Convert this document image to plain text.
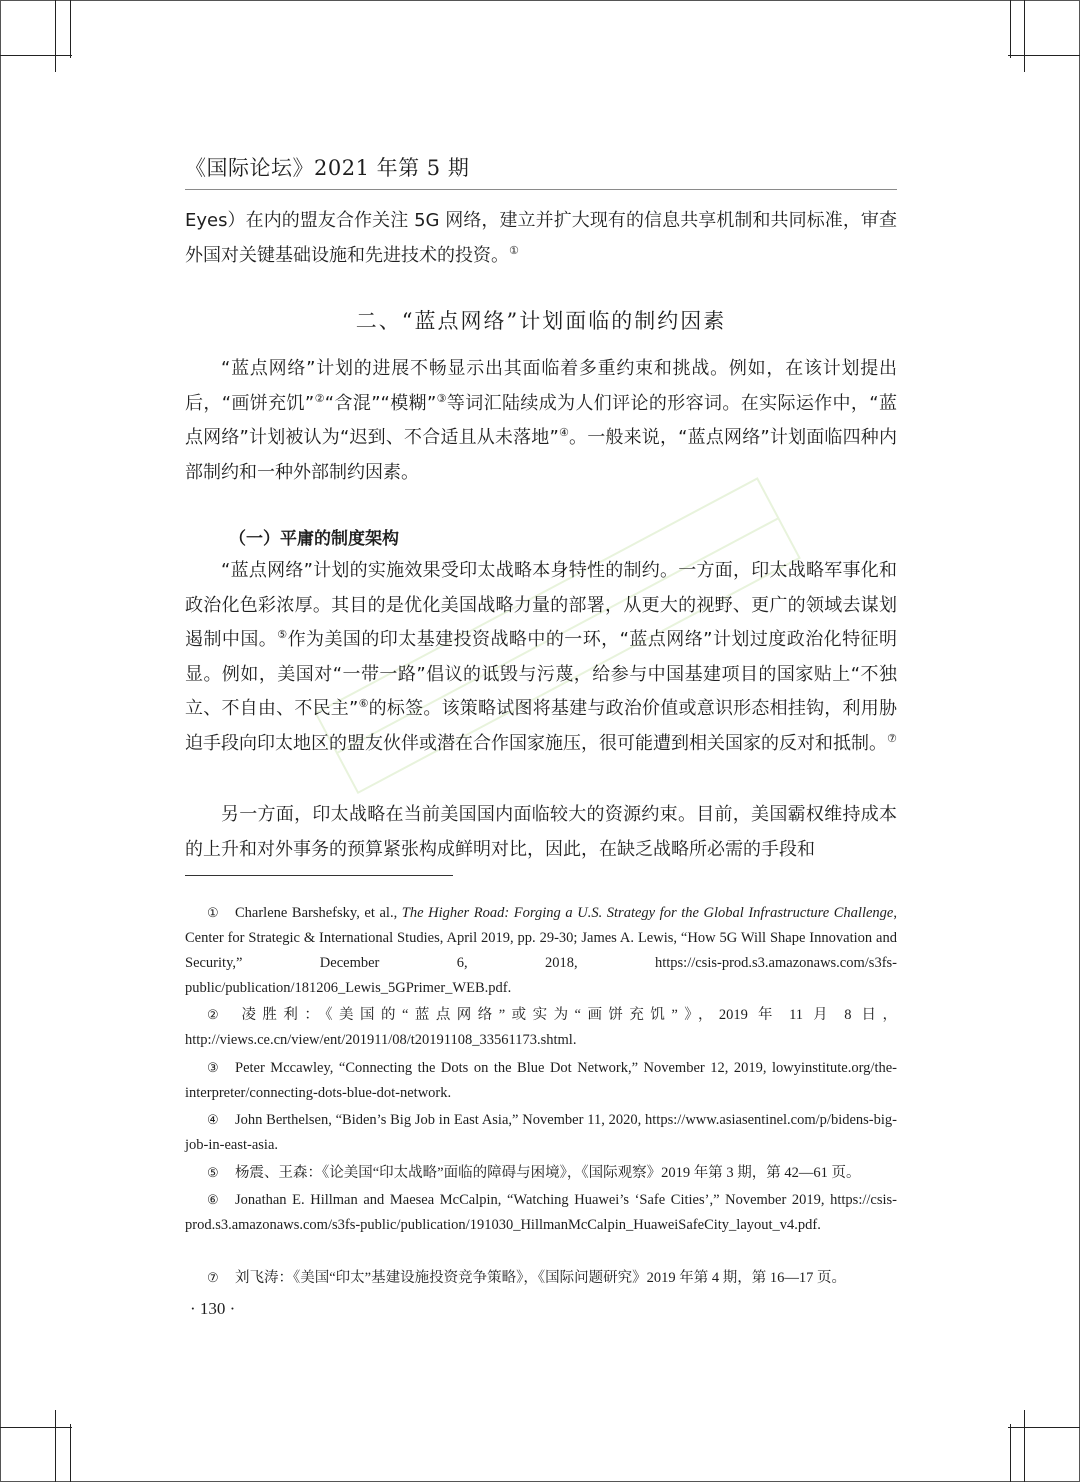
《国际论坛》2021 年第 5 期

Eyes）在内的盟友合作关注 5G 网络，建立并扩大现有的信息共享机制和共同标准，审查外国对关键基础设施和先进技术的投资。①

二、“蓝点网络”计划面临的制约因素

“蓝点网络”计划的进展不畅显示出其面临着多重约束和挑战。例如，在该计划提出后，“画饼充饥”②“含混”“模糊”③等词汇陆续成为人们评论的形容词。在实际运作中，“蓝点网络”计划被认为“迟到、不合适且从未落地”④。一般来说，“蓝点网络”计划面临四种内部制约和一种外部制约因素。

（一）平庸的制度架构

“蓝点网络”计划的实施效果受印太战略本身特性的制约。一方面，印太战略军事化和政治化色彩浓厚。其目的是优化美国战略力量的部署，从更大的视野、更广的领域去谋划遏制中国。⑤作为美国的印太基建投资战略中的一环，“蓝点网络”计划过度政治化特征明显。例如，美国对“一带一路”倡议的诋毁与污蔑，给参与中国基建项目的国家贴上“不独立、不自由、不民主”⑥的标签。该策略试图将基建与政治价值或意识形态相挂钩，利用胁迫手段向印太地区的盟友伙伴或潜在合作国家施压，很可能遭到相关国家的反对和抵制。⑦

另一方面，印太战略在当前美国国内面临较大的资源约束。目前，美国霸权维持成本的上升和对外事务的预算紧张构成鲜明对比，因此，在缺乏战略所必需的手段和

① Charlene Barshefsky, et al., The Higher Road: Forging a U.S. Strategy for the Global Infrastructure Challenge, Center for Strategic & International Studies, April 2019, pp. 29-30; James A. Lewis, “How 5G Will Shape Innovation and Security,” December 6, 2018, https://csis-prod.s3.amazonaws.com/s3fs-public/publication/181206_Lewis_5GPrimer_WEB.pdf.

② 凌胜利：《美国的“蓝点网络”或实为“画饼充饥”》，2019 年 11 月 8 日，http://views.ce.cn/view/ent/201911/08/t20191108_33561173.shtml.

③ Peter Mccawley, “Connecting the Dots on the Blue Dot Network,” November 12, 2019, lowyinstitute.org/the-interpreter/connecting-dots-blue-dot-network.

④ John Berthelsen, “Biden’s Big Job in East Asia,” November 11, 2020, https://www.asiasentinel.com/p/bidens-big-job-in-east-asia.

⑤ 杨震、王森：《论美国“印太战略”面临的障碍与困境》，《国际观察》2019 年第 3 期，第 42—61 页。

⑥ Jonathan E. Hillman and Maesea McCalpin, “Watching Huawei’s ‘Safe Cities’,” November 2019, https://csis-prod.s3.amazonaws.com/s3fs-public/publication/191030_HillmanMcCalpin_HuaweiSafeCity_layout_v4.pdf.

⑦ 刘飞涛：《美国“印太”基建设施投资竞争策略》，《国际问题研究》2019 年第 4 期，第 16—17 页。

· 130 ·
